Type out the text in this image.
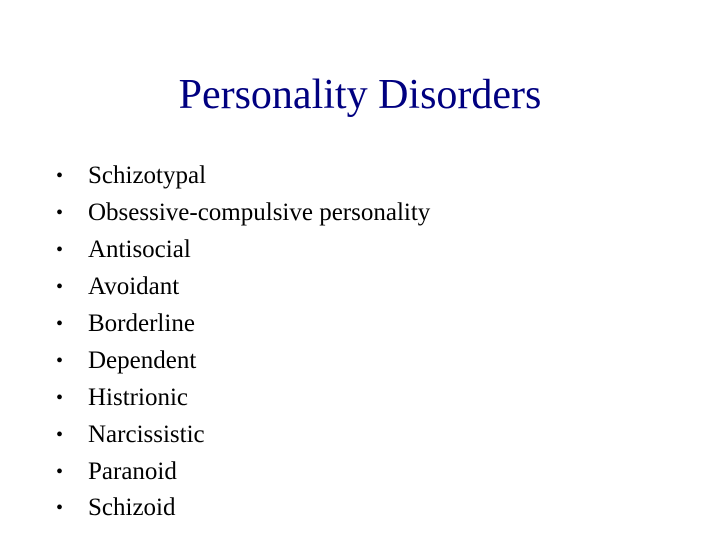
Personality Disorders
• Schizotypal
• Obsessive-compulsive personality
• Antisocial
• Avoidant
• Borderline
• Dependent
• Histrionic
• Narcissistic
• Paranoid
• Schizoid
